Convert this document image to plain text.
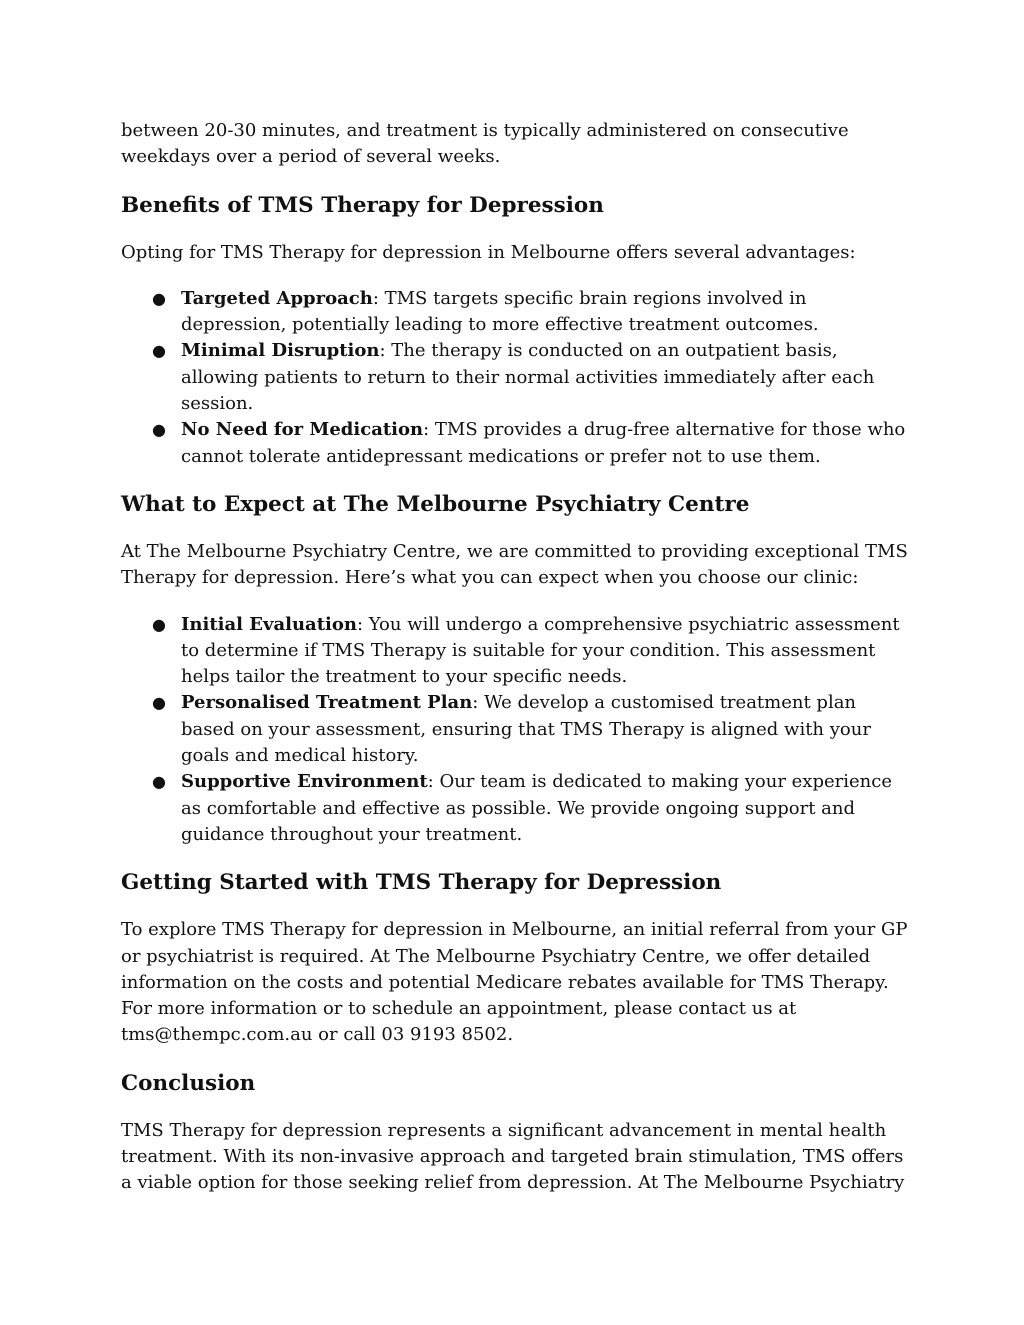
between 20-30 minutes, and treatment is typically administered on consecutive weekdays over a period of several weeks.

Benefits of TMS Therapy for Depression

Opting for TMS Therapy for depression in Melbourne offers several advantages:

● Targeted Approach: TMS targets specific brain regions involved in depression, potentially leading to more effective treatment outcomes.
● Minimal Disruption: The therapy is conducted on an outpatient basis, allowing patients to return to their normal activities immediately after each session.
● No Need for Medication: TMS provides a drug-free alternative for those who cannot tolerate antidepressant medications or prefer not to use them.
What to Expect at The Melbourne Psychiatry Centre

At The Melbourne Psychiatry Centre, we are committed to providing exceptional TMS Therapy for depression. Here’s what you can expect when you choose our clinic:

● Initial Evaluation: You will undergo a comprehensive psychiatric assessment to determine if TMS Therapy is suitable for your condition. This assessment helps tailor the treatment to your specific needs.
● Personalised Treatment Plan: We develop a customised treatment plan based on your assessment, ensuring that TMS Therapy is aligned with your goals and medical history.
● Supportive Environment: Our team is dedicated to making your experience as comfortable and effective as possible. We provide ongoing support and guidance throughout your treatment.
Getting Started with TMS Therapy for Depression

To explore TMS Therapy for depression in Melbourne, an initial referral from your GP or psychiatrist is required. At The Melbourne Psychiatry Centre, we offer detailed information on the costs and potential Medicare rebates available for TMS Therapy. For more information or to schedule an appointment, please contact us at tms@thempc.com.au or call 03 9193 8502.

Conclusion

TMS Therapy for depression represents a significant advancement in mental health treatment. With its non-invasive approach and targeted brain stimulation, TMS offers a viable option for those seeking relief from depression. At The Melbourne Psychiatry
